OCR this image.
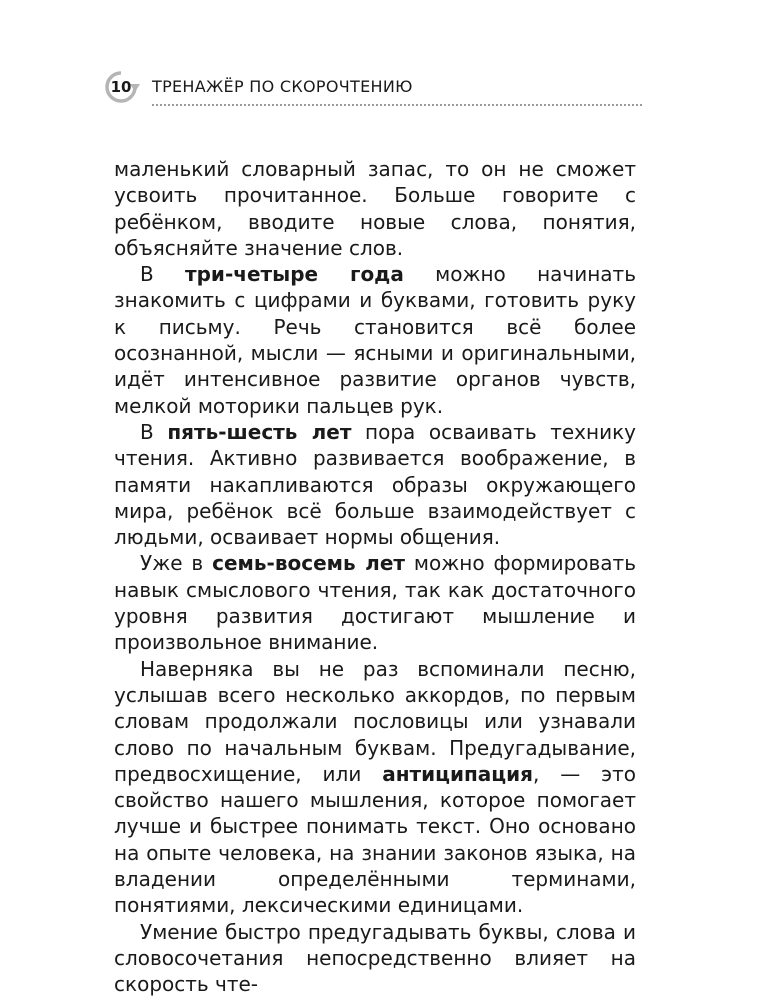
10	ТРЕНАЖЁР ПО СКОРОЧТЕНИЮ

маленький словарный запас, то он не сможет усвоить прочитанное. Больше говорите с ребёнком, вводите новые слова, понятия, объясняйте значение слов.

В три-четыре года можно начинать знакомить с цифрами и буквами, готовить руку к письму. Речь становится всё более осознанной, мысли — ясными и оригинальными, идёт интенсивное развитие органов чувств, мелкой моторики пальцев рук.

В пять-шесть лет пора осваивать технику чтения. Активно развивается воображение, в памяти накапливаются образы окружающего мира, ребёнок всё больше взаимодействует с людьми, осваивает нормы общения.

Уже в семь-восемь лет можно формировать навык смыслового чтения, так как достаточного уровня развития достигают мышление и произвольное внимание.

Наверняка вы не раз вспоминали песню, услышав всего несколько аккордов, по первым словам продолжали пословицы или узнавали слово по начальным буквам. Предугадывание, предвосхищение, или антиципация, — это свойство нашего мышления, которое помогает лучше и быстрее понимать текст. Оно основано на опыте человека, на знании законов языка, на владении определёнными терминами, понятиями, лексическими единицами.

Умение быстро предугадывать буквы, слова и словосочетания непосредственно влияет на скорость чте-
